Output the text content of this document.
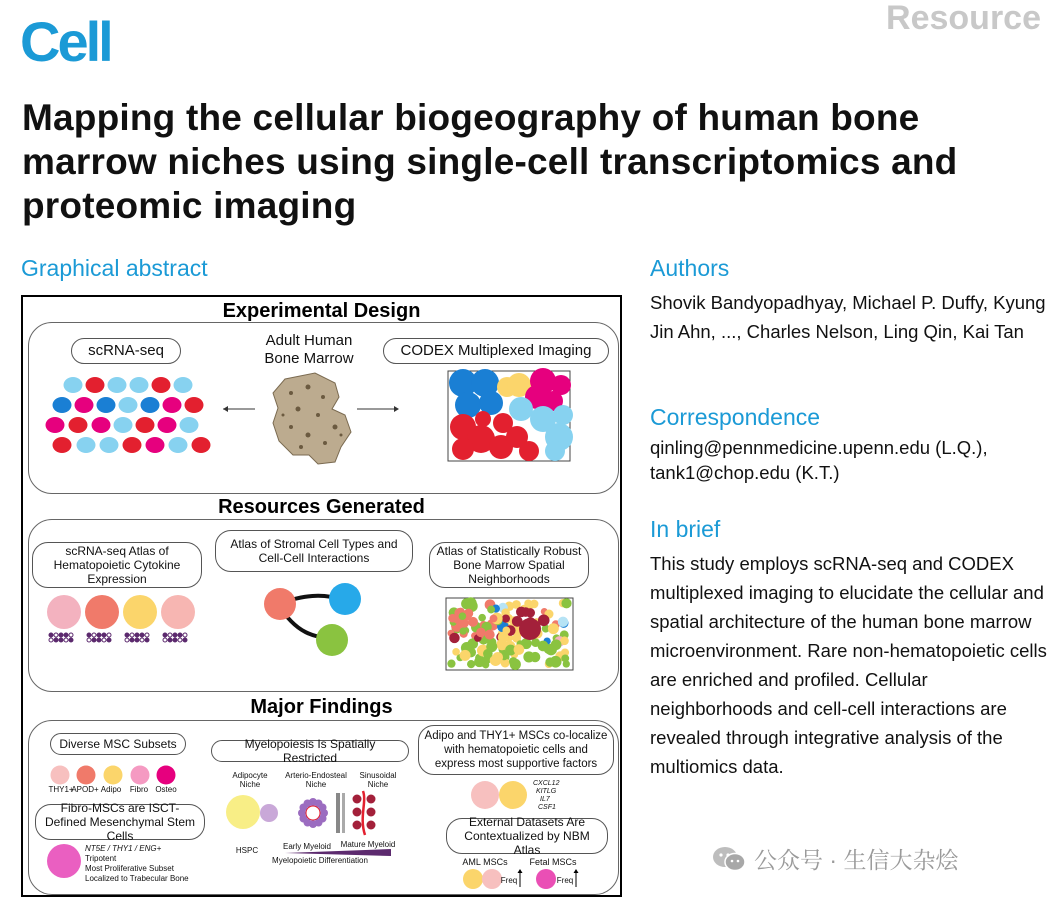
Cell	Resource
Mapping the cellular biogeography of human bone marrow niches using single-cell transcriptomics and proteomic imaging
Graphical abstract	Authors
Shovik Bandyopadhyay, Michael P. Duffy, Kyung Jin Ahn, ..., Charles Nelson, Ling Qin, Kai Tan
Correspondence
qinling@pennmedicine.upenn.edu (L.Q.), tank1@chop.edu (K.T.)
In brief
This study employs scRNA-seq and CODEX multiplexed imaging to elucidate the cellular and spatial architecture of the human bone marrow microenvironment. Rare non-hematopoietic cells are enriched and profiled. Cellular neighborhoods and cell-cell interactions are revealed through integrative analysis of the multiomics data.
Experimental Design
scRNA-seq
Adult Human Bone Marrow	CODEX Multiplexed Imaging
Resources Generated
scRNA-seq Atlas of Hematopoietic Cytokine Expression
Atlas of Stromal Cell Types and Cell-Cell Interactions	Atlas of Statistically Robust Bone Marrow Spatial Neighborhoods
Major Findings
Diverse MSC Subsets	Myelopoiesis Is Spatially Restricted
Adipo and THY1+ MSCs co-localize with hematopoietic cells and express most supportive factors
Fibro-MSCs are ISCT-Defined Mesenchymal Stem Cells
External Datasets Are Contextualized by NBM Atlas
THY1+
APOD+ Adipo	Fibro Osteo
NT5E / THY1 / ENG+
Tripotent
Most Proliferative Subset
Localized to Trabecular Bone
Adipocyte Niche
Arterio-Endosteal Niche
Sinusoidal Niche
HSPC	Early Myeloid	Mature Myeloid
Myelopoietic Differentiation
CXCL12
KITLG
IL7
CSF1
AML MSCs	Fetal MSCs
Freq	Freq
公众号 · 生信大杂烩
